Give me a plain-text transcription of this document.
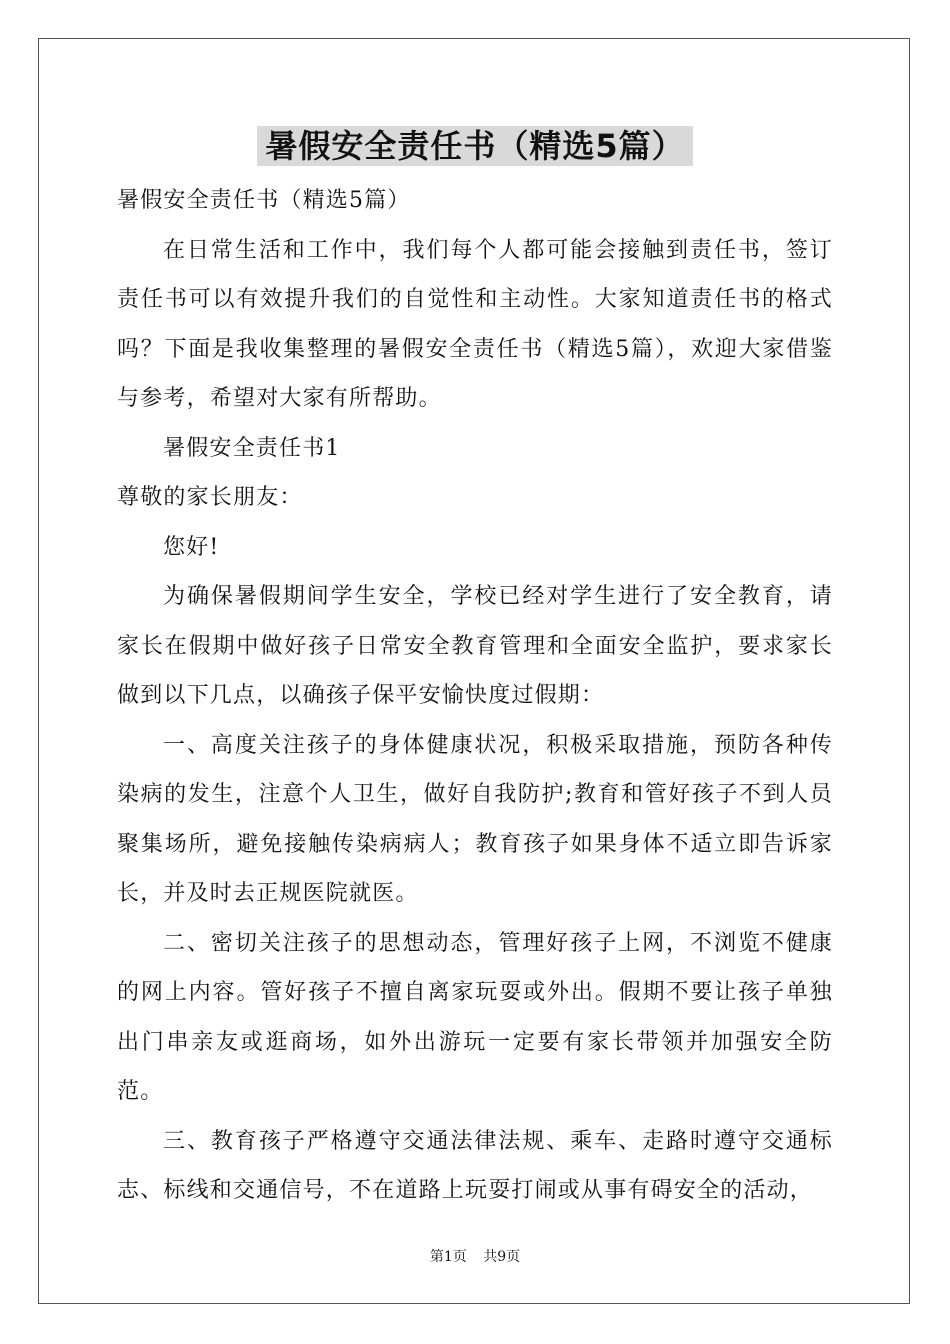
暑假安全责任书（精选5篇）

暑假安全责任书（精选5篇）

在日常生活和工作中，我们每个人都可能会接触到责任书，签订责任书可以有效提升我们的自觉性和主动性。大家知道责任书的格式吗？下面是我收集整理的暑假安全责任书（精选5篇），欢迎大家借鉴与参考，希望对大家有所帮助。

暑假安全责任书1

尊敬的家长朋友：

您好!

为确保暑假期间学生安全，学校已经对学生进行了安全教育，请家长在假期中做好孩子日常安全教育管理和全面安全监护，要求家长做到以下几点，以确孩子保平安愉快度过假期：

一、高度关注孩子的身体健康状况，积极采取措施，预防各种传染病的发生，注意个人卫生，做好自我防护;教育和管好孩子不到人员聚集场所，避免接触传染病病人；教育孩子如果身体不适立即告诉家长，并及时去正规医院就医。

二、密切关注孩子的思想动态，管理好孩子上网，不浏览不健康的网上内容。管好孩子不擅自离家玩耍或外出。假期不要让孩子单独出门串亲友或逛商场，如外出游玩一定要有家长带领并加强安全防范。

三、教育孩子严格遵守交通法律法规、乘车、走路时遵守交通标志、标线和交通信号，不在道路上玩耍打闹或从事有碍安全的活动，

第1页 共9页
